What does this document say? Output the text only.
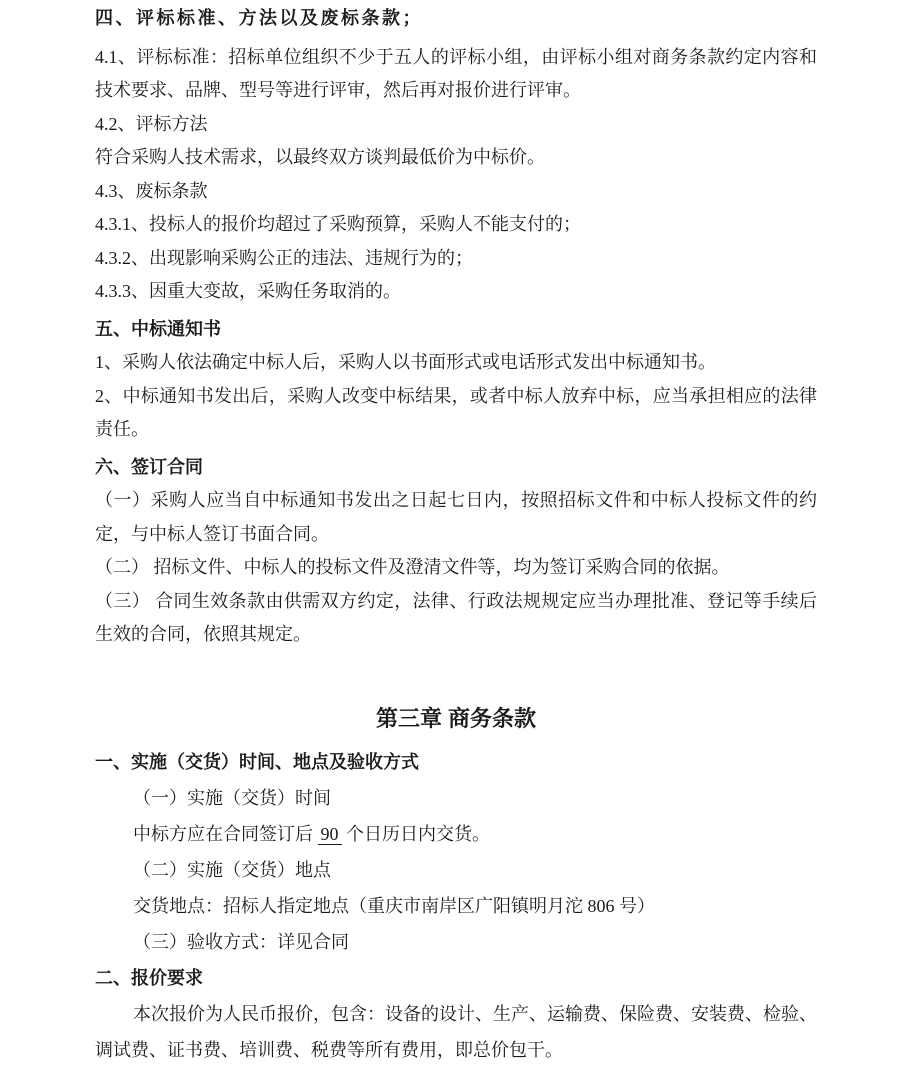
四、评标标准、方法以及废标条款；

4.1、评标标准：招标单位组织不少于五人的评标小组，由评标小组对商务条款约定内容和技术要求、品牌、型号等进行评审，然后再对报价进行评审。

4.2、评标方法

符合采购人技术需求，以最终双方谈判最低价为中标价。

4.3、废标条款

4.3.1、投标人的报价均超过了采购预算，采购人不能支付的；

4.3.2、出现影响采购公正的违法、违规行为的；

4.3.3、因重大变故，采购任务取消的。

五、中标通知书

1、采购人依法确定中标人后，采购人以书面形式或电话形式发出中标通知书。

2、中标通知书发出后，采购人改变中标结果，或者中标人放弃中标，应当承担相应的法律责任。

六、签订合同

（一）采购人应当自中标通知书发出之日起七日内，按照招标文件和中标人投标文件的约定，与中标人签订书面合同。

（二） 招标文件、中标人的投标文件及澄清文件等，均为签订采购合同的依据。

（三） 合同生效条款由供需双方约定，法律、行政法规规定应当办理批准、登记等手续后生效的合同，依照其规定。

第三章 商务条款

一、实施（交货）时间、地点及验收方式

（一）实施（交货）时间

中标方应在合同签订后 90 个日历日内交货。

（二）实施（交货）地点

交货地点：招标人指定地点（重庆市南岸区广阳镇明月沱 806 号）

（三）验收方式：详见合同

二、报价要求

本次报价为人民币报价，包含：设备的设计、生产、运输费、保险费、安装费、检验、调试费、证书费、培训费、税费等所有费用，即总价包干。
